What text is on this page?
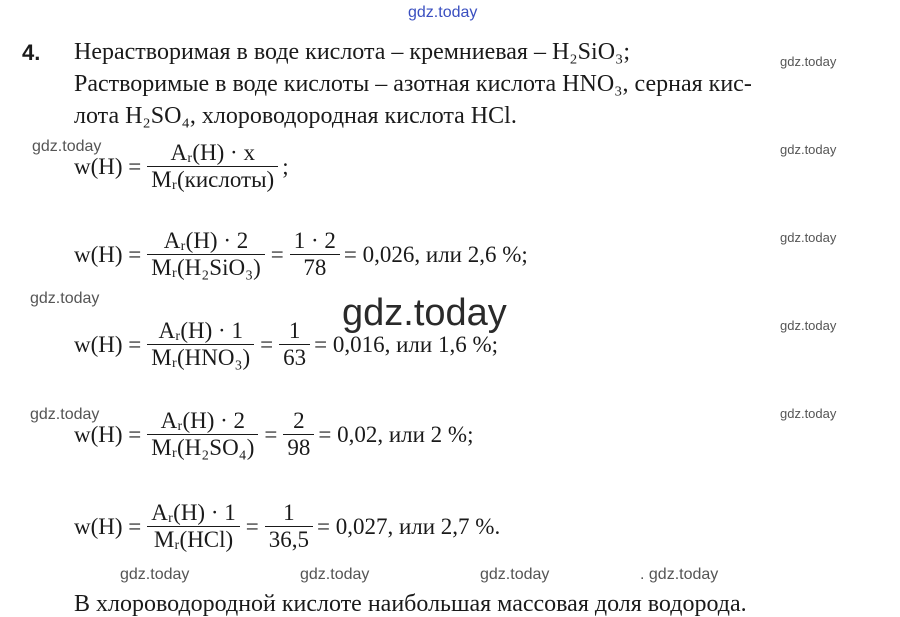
gdz.today
gdz.today
gdz.today	gdz.today
gdz.today
gdz.today	gdz.today	gdz.today
gdz.today	gdz.today
gdz.today	gdz.today	gdz.today	. gdz.today
4. Нерастворимая в воде кислота – кремниевая – H₂SiO₃;
Растворимые в воде кислоты – азотная кислота HNO₃, серная кис-
лота H₂SO₄, хлороводородная кислота HCl.
$w(H) = \frac{\text{Aᵣ(H) · x}}{\text{Mᵣ(кислоты)}}$ ;
$w(H) = \frac{\text{Aᵣ(H) · 2}}{\text{Mᵣ(H₂SiO₃)}} = \frac{1 \cdot 2}{78} = 0,026$, или 2,6 %;
$w(H) = \frac{\text{Aᵣ(H) · 1}}{\text{Mᵣ(HNO₃)}} = \frac{1}{63} = 0,016$, или 1,6 %;
$w(H) = \frac{\text{Aᵣ(H) · 2}}{\text{Mᵣ(H₂SO₄)}} = \frac{2}{98} = 0,02$, или 2 %;
$w(H) = \frac{\text{Aᵣ(H) · 1}}{\text{Mᵣ(HCl)}} = \frac{1}{36,5} = 0,027$, или 2,7 %.
В хлороводородной кислоте наибольшая массовая доля водорода.
